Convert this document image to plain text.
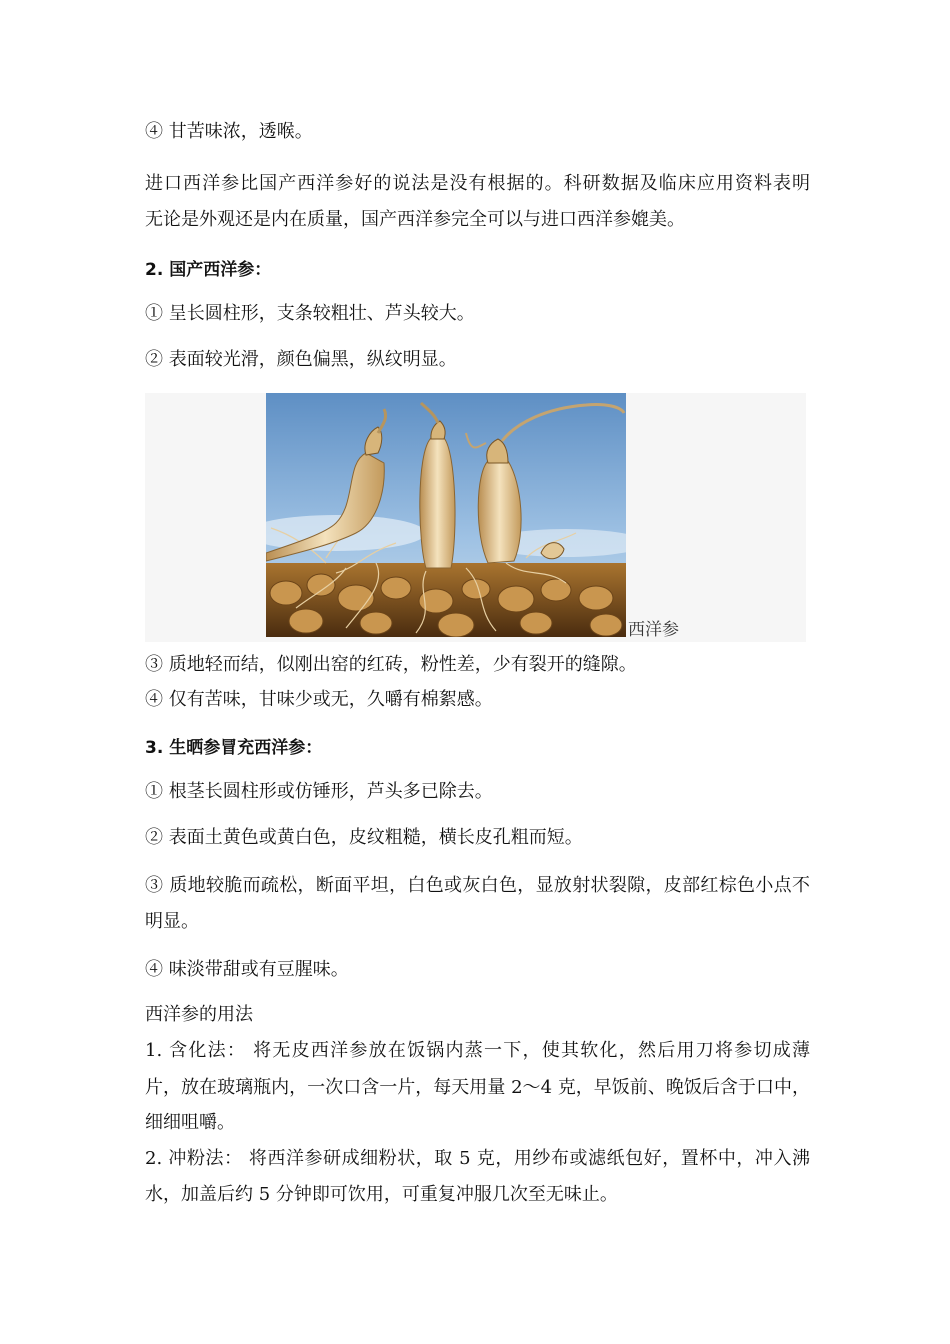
④ 甘苦味浓，透喉。
进口西洋参比国产西洋参好的说法是没有根据的。科研数据及临床应用资料表明
无论是外观还是内在质量，国产西洋参完全可以与进口西洋参媲美。
2. 国产西洋参：
① 呈长圆柱形，支条较粗壮、芦头较大。
② 表面较光滑，颜色偏黑，纵纹明显。
西洋参
③ 质地轻而结，似刚出窑的红砖，粉性差，少有裂开的缝隙。
④ 仅有苦味，甘味少或无，久嚼有棉絮感。
3. 生晒参冒充西洋参：
① 根茎长圆柱形或仿锤形，芦头多已除去。
② 表面土黄色或黄白色，皮纹粗糙，横长皮孔粗而短。
③ 质地较脆而疏松，断面平坦，白色或灰白色，显放射状裂隙，皮部红棕色小点不
明显。
④ 味淡带甜或有豆腥味。
西洋参的用法
1. 含化法： 将无皮西洋参放在饭锅内蒸一下，使其软化，然后用刀将参切成薄
片，放在玻璃瓶内，一次口含一片，每天用量 2～4 克，早饭前、晚饭后含于口中，
细细咀嚼。
2. 冲粉法： 将西洋参研成细粉状，取 5 克，用纱布或滤纸包好，置杯中，冲入沸
水，加盖后约 5 分钟即可饮用，可重复冲服几次至无味止。
